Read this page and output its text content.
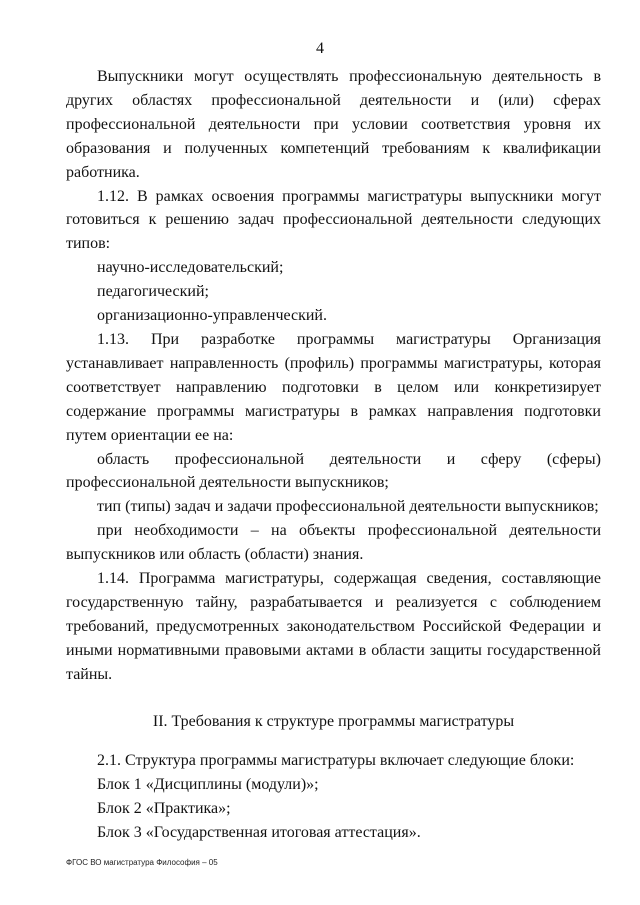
4

Выпускники могут осуществлять профессиональную деятельность в других областях профессиональной деятельности и (или) сферах профессиональной деятельности при условии соответствия уровня их образования и полученных компетенций требованиям к квалификации работника.

1.12. В рамках освоения программы магистратуры выпускники могут готовиться к решению задач профессиональной деятельности следующих типов:

научно-исследовательский;

педагогический;

организационно-управленческий.

1.13. При разработке программы магистратуры Организация устанавливает направленность (профиль) программы магистратуры, которая соответствует направлению подготовки в целом или конкретизирует содержание программы магистратуры в рамках направления подготовки путем ориентации ее на:

область профессиональной деятельности и сферу (сферы) профессиональной деятельности выпускников;

тип (типы) задач и задачи профессиональной деятельности выпускников;

при необходимости – на объекты профессиональной деятельности выпускников или область (области) знания.

1.14. Программа магистратуры, содержащая сведения, составляющие государственную тайну, разрабатывается и реализуется с соблюдением требований, предусмотренных законодательством Российской Федерации и иными нормативными правовыми актами в области защиты государственной тайны.

II. Требования к структуре программы магистратуры

2.1. Структура программы магистратуры включает следующие блоки:

Блок 1 «Дисциплины (модули)»;

Блок 2 «Практика»;

Блок 3 «Государственная итоговая аттестация».

ФГОС ВО магистратура Философия – 05
